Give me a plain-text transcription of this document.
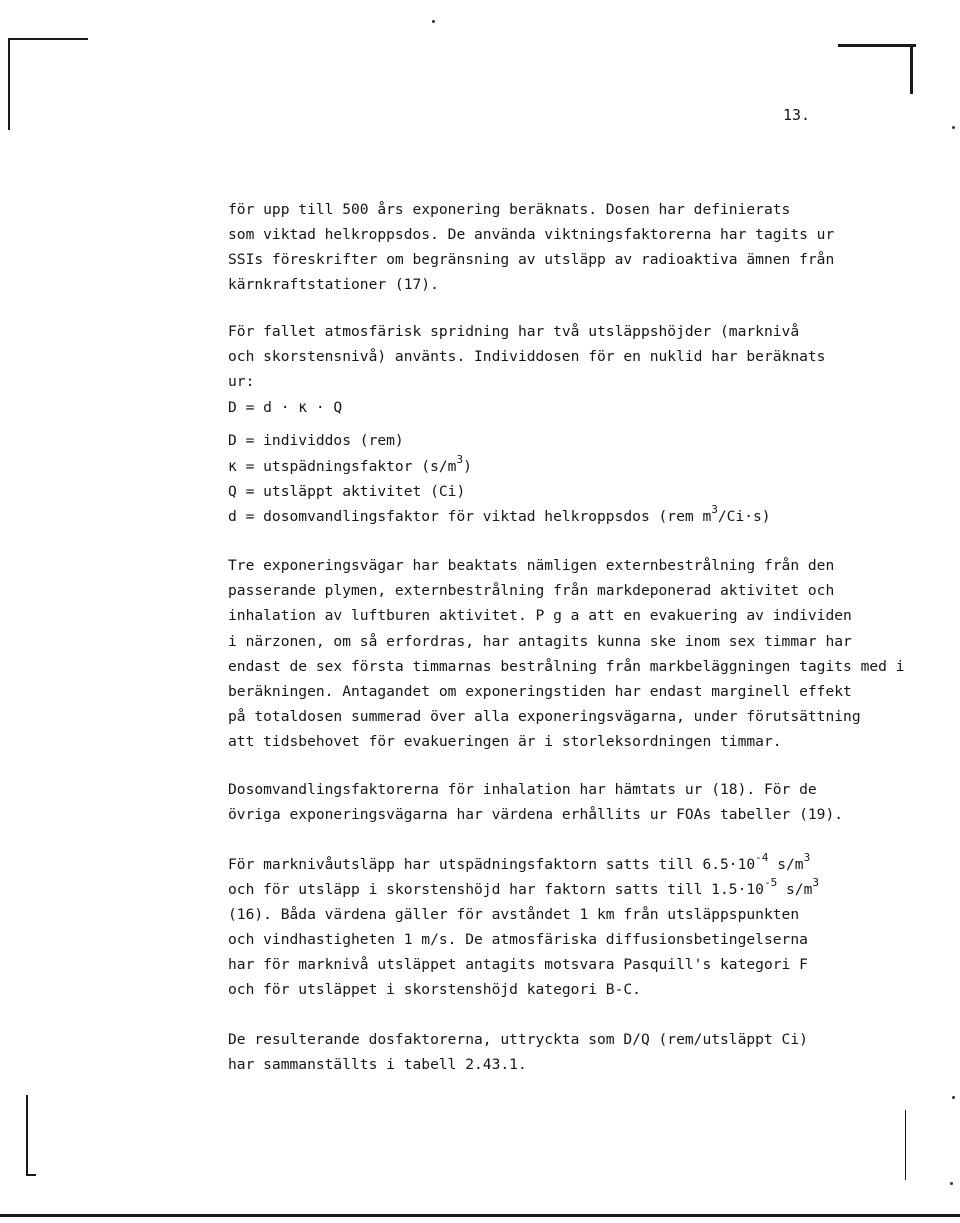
13.
för upp till 500 års exponering beräknats. Dosen har definierats
som viktad helkroppsdos. De använda viktningsfaktorerna har tagits ur
SSIs föreskrifter om begränsning av utsläpp av radioaktiva ämnen från
kärnkraftstationer (17).
För fallet atmosfärisk spridning har två utsläppshöjder (marknivå
och skorstensnivå) använts. Individdosen för en nuklid har beräknats
ur:
D = d · κ · Q
D = individdos (rem)
κ = utspädningsfaktor $(s/m^3)$
Q = utsläppt aktivitet (Ci)
d = dosomvandlingsfaktor för viktad helkroppsdos (rem $m^3/Ci\cdot s$)
Tre exponeringsvägar har beaktats nämligen externbestrålning från den
passerande plymen, externbestrålning från markdeponerad aktivitet och
inhalation av luftburen aktivitet. P g a att en evakuering av individen
i närzonen, om så erfordras, har antagits kunna ske inom sex timmar har
endast de sex första timmarnas bestrålning från markbeläggningen tagits med i
beräkningen. Antagandet om exponeringstiden har endast marginell effekt
på totaldosen summerad över alla exponeringsvägarna, under förutsättning
att tidsbehovet för evakueringen är i storleksordningen timmar.
Dosomvandlingsfaktorerna för inhalation har hämtats ur (18). För de
övriga exponeringsvägarna har värdena erhållits ur FOAs tabeller (19).
För marknivåutsläpp har utspädningsfaktorn satts till $6.5\cdot 10^{-4}$ $s/m^3$
och för utsläpp i skorstenshöjd har faktorn satts till $1.5\cdot 10^{-5}$ $s/m^3$
(16). Båda värdena gäller för avståndet 1 km från utsläppspunkten
och vindhastigheten 1 m/s. De atmosfäriska diffusionsbetingelserna
har för marknivå utsläppet antagits motsvara Pasquill's kategori F
och för utsläppet i skorstenshöjd kategori B-C.
De resulterande dosfaktorerna, uttryckta som D/Q (rem/utsläppt Ci)
har sammanställts i tabell 2.43.1.
